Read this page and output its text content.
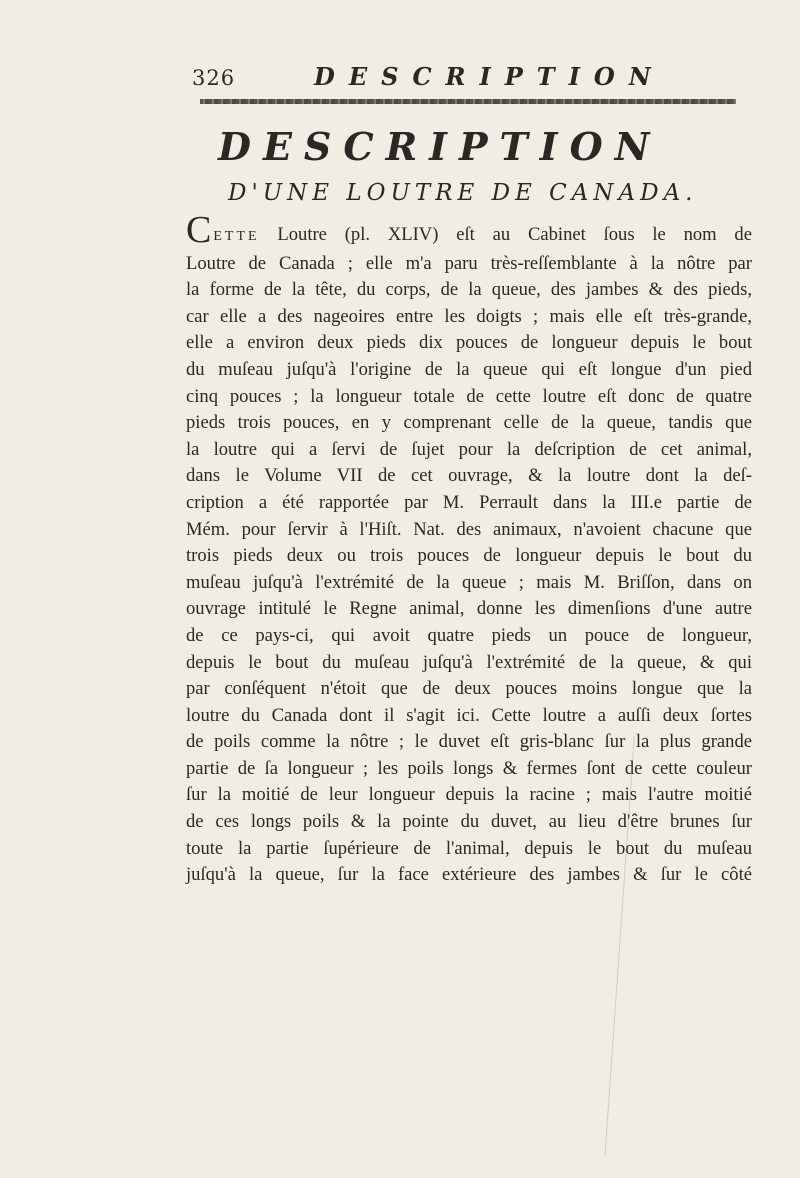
326	DESCRIPTION
DESCRIPTION
D'UNE LOUTRE DE CANADA.
CETTE Loutre (pl. XLIV) eſt au Cabinet ſous le nom de
Loutre de Canada ; elle m'a paru très-reſſemblante à la nôtre par
la forme de la tête, du corps, de la queue, des jambes & des pieds,
car elle a des nageoires entre les doigts ; mais elle eſt très-grande,
elle a environ deux pieds dix pouces de longueur depuis le bout
du muſeau juſqu'à l'origine de la queue qui eſt longue d'un pied
cinq pouces ; la longueur totale de cette loutre eſt donc de quatre
pieds trois pouces, en y comprenant celle de la queue, tandis que
la loutre qui a ſervi de ſujet pour la deſcription de cet animal,
dans le Volume VII de cet ouvrage, & la loutre dont la deſ-
cription a été rapportée par M. Perrault dans la III.e partie de
Mém. pour ſervir à l'Hiſt. Nat. des animaux, n'avoient chacune que
trois pieds deux ou trois pouces de longueur depuis le bout du
muſeau juſqu'à l'extrémité de la queue ; mais M. Briſſon, dans on
ouvrage intitulé le Regne animal, donne les dimenſions d'une autre
de ce pays-ci, qui avoit quatre pieds un pouce de longueur,
depuis le bout du muſeau juſqu'à l'extrémité de la queue, & qui
par conſéquent n'étoit que de deux pouces moins longue que la
loutre du Canada dont il s'agit ici. Cette loutre a auſſi deux ſortes
de poils comme la nôtre ; le duvet eſt gris-blanc ſur la plus grande
partie de ſa longueur ; les poils longs & fermes ſont de cette couleur
ſur la moitié de leur longueur depuis la racine ; mais l'autre moitié
de ces longs poils & la pointe du duvet, au lieu d'être brunes ſur
toute la partie ſupérieure de l'animal, depuis le bout du muſeau
juſqu'à la queue, ſur la face extérieure des jambes & ſur le côté
